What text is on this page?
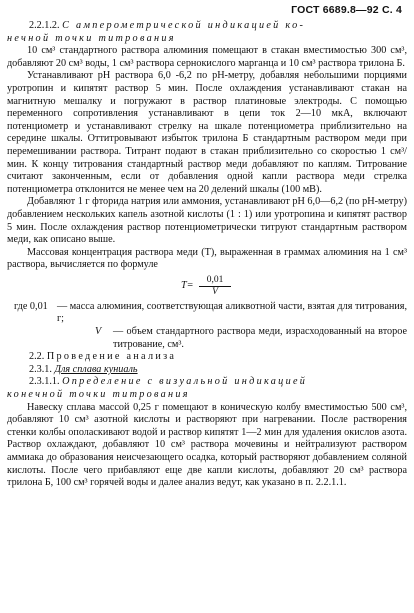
ГОСТ 6689.8—92 С. 4

2.2.1.2. С амперометрической индикацией ко-

нечной точки титрования

10 см³ стандартного раствора алюминия помещают в стакан вместимостью 300 см³, добавляют 20 см³ воды, 1 см³ раствора сернокислого марганца и 10 см³ раствора трилона Б.

Устанавливают pH раствора 6,0 -6,2 по pH-метру, добавляя небольшими порциями уротропин и кипятят раствор 5 мин. После охлаждения устанавливают стакан на магнитную мешалку и погружают в раствор платиновые электроды. С помощью переменного сопротивления устанавливают в цепи ток 2—10 мкА, включают потенциометр и устанавливают стрелку на шкале потенциометра приблизительно на середине шкалы. Оттитровывают избыток трилона Б стандартным раствором меди при перемешивании раствора. Титрант подают в стакан приблизительно со скоростью 1 см³/мин. К концу титрования стандартный раствор меди добавляют по каплям. Титрование считают законченным, если от добавления одной капли раствора меди стрелка потенциометра отклонится не менее чем на 20 делений шкалы (100 мВ).

Добавляют 1 г фторида натрия или аммония, устанавливают pH 6,0—6,2 (по pH-метру) добавлением нескольких капель азотной кислоты (1 : 1) или уротропина и кипятят раствор 5 мин. После охлаждения раствор потенциометрически титруют стандартным раствором меди, как описано выше.

Массовая концентрация раствора меди (T), выраженная в граммах алюминия на 1 см³ раствора, вычисляется по формуле

$T= \frac{0,01}{V}$

где 0,01 — масса алюминия, соответствующая аликвотной части, взятая для титрования, г;

V — объем стандартного раствора меди, израсходованный на второе титрование, см³.

2.2. Проведение анализа

2.3.1. Для сплава куниаль

2.3.1.1. Определение с визуальной индикацией

конечной точки титрования

Навеску сплава массой 0,25 г помещают в коническую колбу вместимостью 500 см³, добавляют 10 см³ азотной кислоты и растворяют при нагревании. После растворения стенки колбы ополаскивают водой и раствор кипятят 1—2 мин для удаления окислов азота. Раствор охлаждают, добавляют 10 см³ раствора мочевины и нейтрализуют раствором аммиака до образования неисчезающего осадка, который растворяют добавлением соляной кислоты. После чего прибавляют еще две капли кислоты, добавляют 20 см³ раствора трилона Б, 100 см³ горячей воды и далее анализ ведут, как указано в п. 2.2.1.1.
